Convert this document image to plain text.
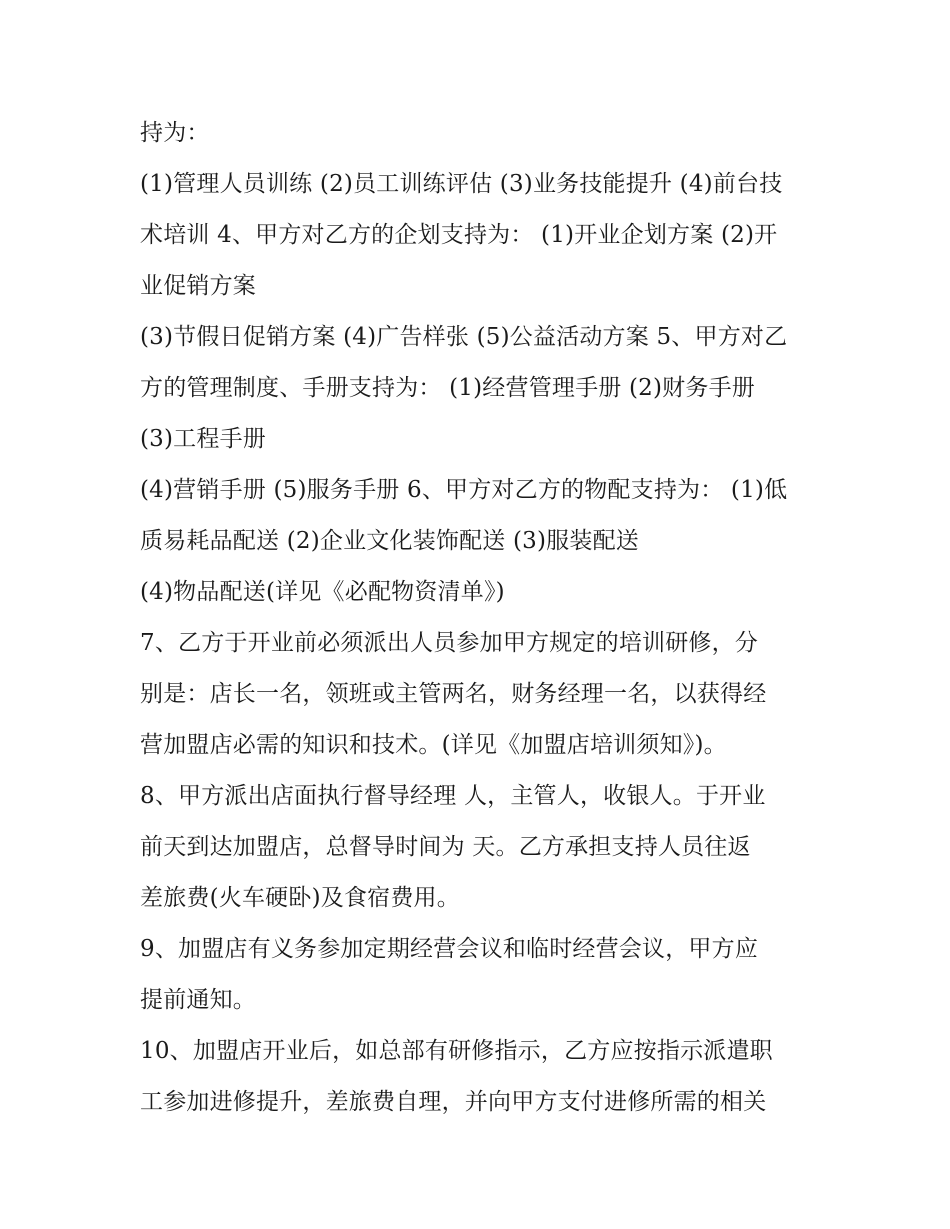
持为：
(1)管理人员训练 (2)员工训练评估 (3)业务技能提升 (4)前台技
术培训 4、甲方对乙方的企划支持为： (1)开业企划方案 (2)开
业促销方案
(3)节假日促销方案 (4)广告样张 (5)公益活动方案 5、甲方对乙
方的管理制度、手册支持为： (1)经营管理手册 (2)财务手册
(3)工程手册
(4)营销手册 (5)服务手册 6、甲方对乙方的物配支持为： (1)低
质易耗品配送 (2)企业文化装饰配送 (3)服装配送
(4)物品配送(详见《必配物资清单》)
7、乙方于开业前必须派出人员参加甲方规定的培训研修，分
别是：店长一名，领班或主管两名，财务经理一名，以获得经
营加盟店必需的知识和技术。(详见《加盟店培训须知》)。
8、甲方派出店面执行督导经理 人，主管人，收银人。于开业
前天到达加盟店，总督导时间为 天。乙方承担支持人员往返
差旅费(火车硬卧)及食宿费用。
9、加盟店有义务参加定期经营会议和临时经营会议，甲方应
提前通知。
10、加盟店开业后，如总部有研修指示，乙方应按指示派遣职
工参加进修提升，差旅费自理，并向甲方支付进修所需的相关
